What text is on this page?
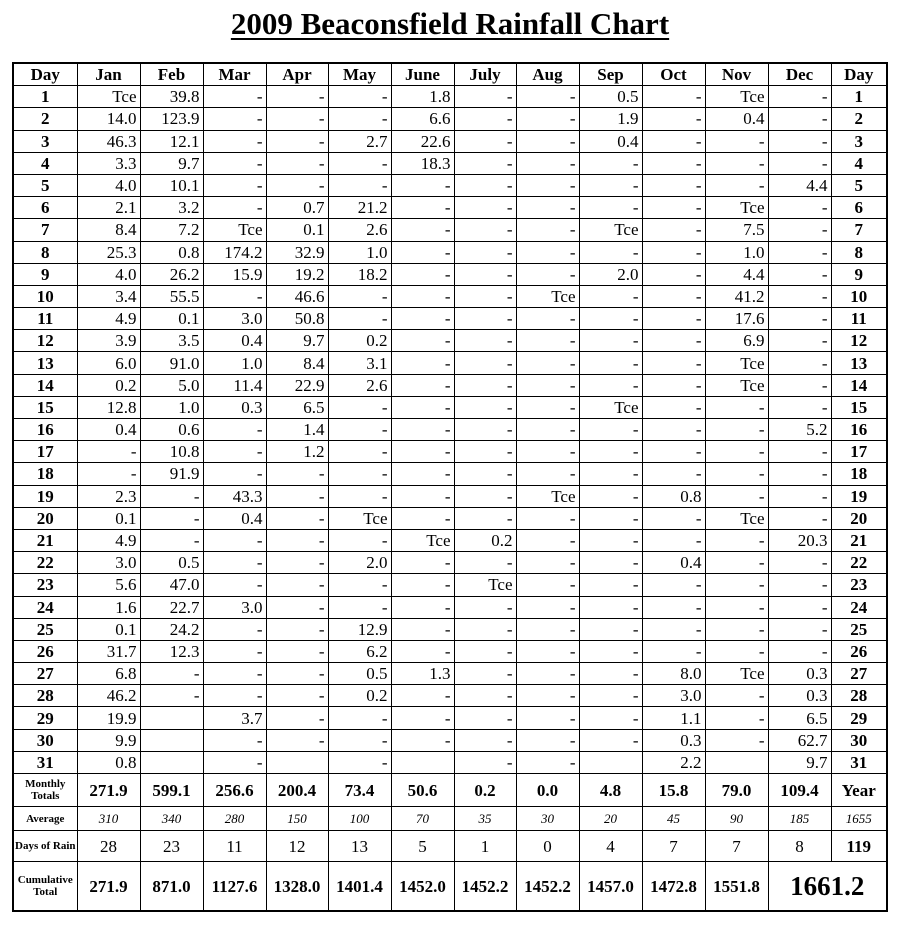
2009 Beaconsfield Rainfall Chart
Day	Jan	Feb	Mar	Apr	May	June	July	Aug	Sep	Oct	Nov	Dec	Day
1	Tce	39.8	-	-	-	1.8	-	-	0.5	-	Tce	-	1
2	14.0	123.9	-	-	-	6.6	-	-	1.9	-	0.4	-	2
3	46.3	12.1	-	-	2.7	22.6	-	-	0.4	-	-	-	3
4	3.3	9.7	-	-	-	18.3	-	-	-	-	-	-	4
5	4.0	10.1	-	-	-	-	-	-	-	-	-	4.4	5
6	2.1	3.2	-	0.7	21.2	-	-	-	-	-	Tce	-	6
7	8.4	7.2	Tce	0.1	2.6	-	-	-	Tce	-	7.5	-	7
8	25.3	0.8	174.2	32.9	1.0	-	-	-	-	-	1.0	-	8
9	4.0	26.2	15.9	19.2	18.2	-	-	-	2.0	-	4.4	-	9
10	3.4	55.5	-	46.6	-	-	-	Tce	-	-	41.2	-	10
11	4.9	0.1	3.0	50.8	-	-	-	-	-	-	17.6	-	11
12	3.9	3.5	0.4	9.7	0.2	-	-	-	-	-	6.9	-	12
13	6.0	91.0	1.0	8.4	3.1	-	-	-	-	-	Tce	-	13
14	0.2	5.0	11.4	22.9	2.6	-	-	-	-	-	Tce	-	14
15	12.8	1.0	0.3	6.5	-	-	-	-	Tce	-	-	-	15
16	0.4	0.6	-	1.4	-	-	-	-	-	-	-	5.2	16
17	-	10.8	-	1.2	-	-	-	-	-	-	-	-	17
18	-	91.9	-	-	-	-	-	-	-	-	-	-	18
19	2.3	-	43.3	-	-	-	-	Tce	-	0.8	-	-	19
20	0.1	-	0.4	-	Tce	-	-	-	-	-	Tce	-	20
21	4.9	-	-	-	-	Tce	0.2	-	-	-	-	20.3	21
22	3.0	0.5	-	-	2.0	-	-	-	-	0.4	-	-	22
23	5.6	47.0	-	-	-	-	Tce	-	-	-	-	-	23
24	1.6	22.7	3.0	-	-	-	-	-	-	-	-	-	24
25	0.1	24.2	-	-	12.9	-	-	-	-	-	-	-	25
26	31.7	12.3	-	-	6.2	-	-	-	-	-	-	-	26
27	6.8	-	-	-	0.5	1.3	-	-	-	8.0	Tce	0.3	27
28	46.2	-	-	-	0.2	-	-	-	-	3.0	-	0.3	28
29	19.9		3.7	-	-	-	-	-	-	1.1	-	6.5	29
30	9.9		-	-	-	-	-	-	-	0.3	-	62.7	30
31	0.8		-		-		-	-		2.2		9.7	31
Monthly Totals	271.9	599.1	256.6	200.4	73.4	50.6	0.2	0.0	4.8	15.8	79.0	109.4	Year
Average	310	340	280	150	100	70	35	30	20	45	90	185	1655
Days of Rain	28	23	11	12	13	5	1	0	4	7	7	8	119
Cumulative Total	271.9	871.0	1127.6	1328.0	1401.4	1452.0	1452.2	1452.2	1457.0	1472.8	1551.8	1661.2	
